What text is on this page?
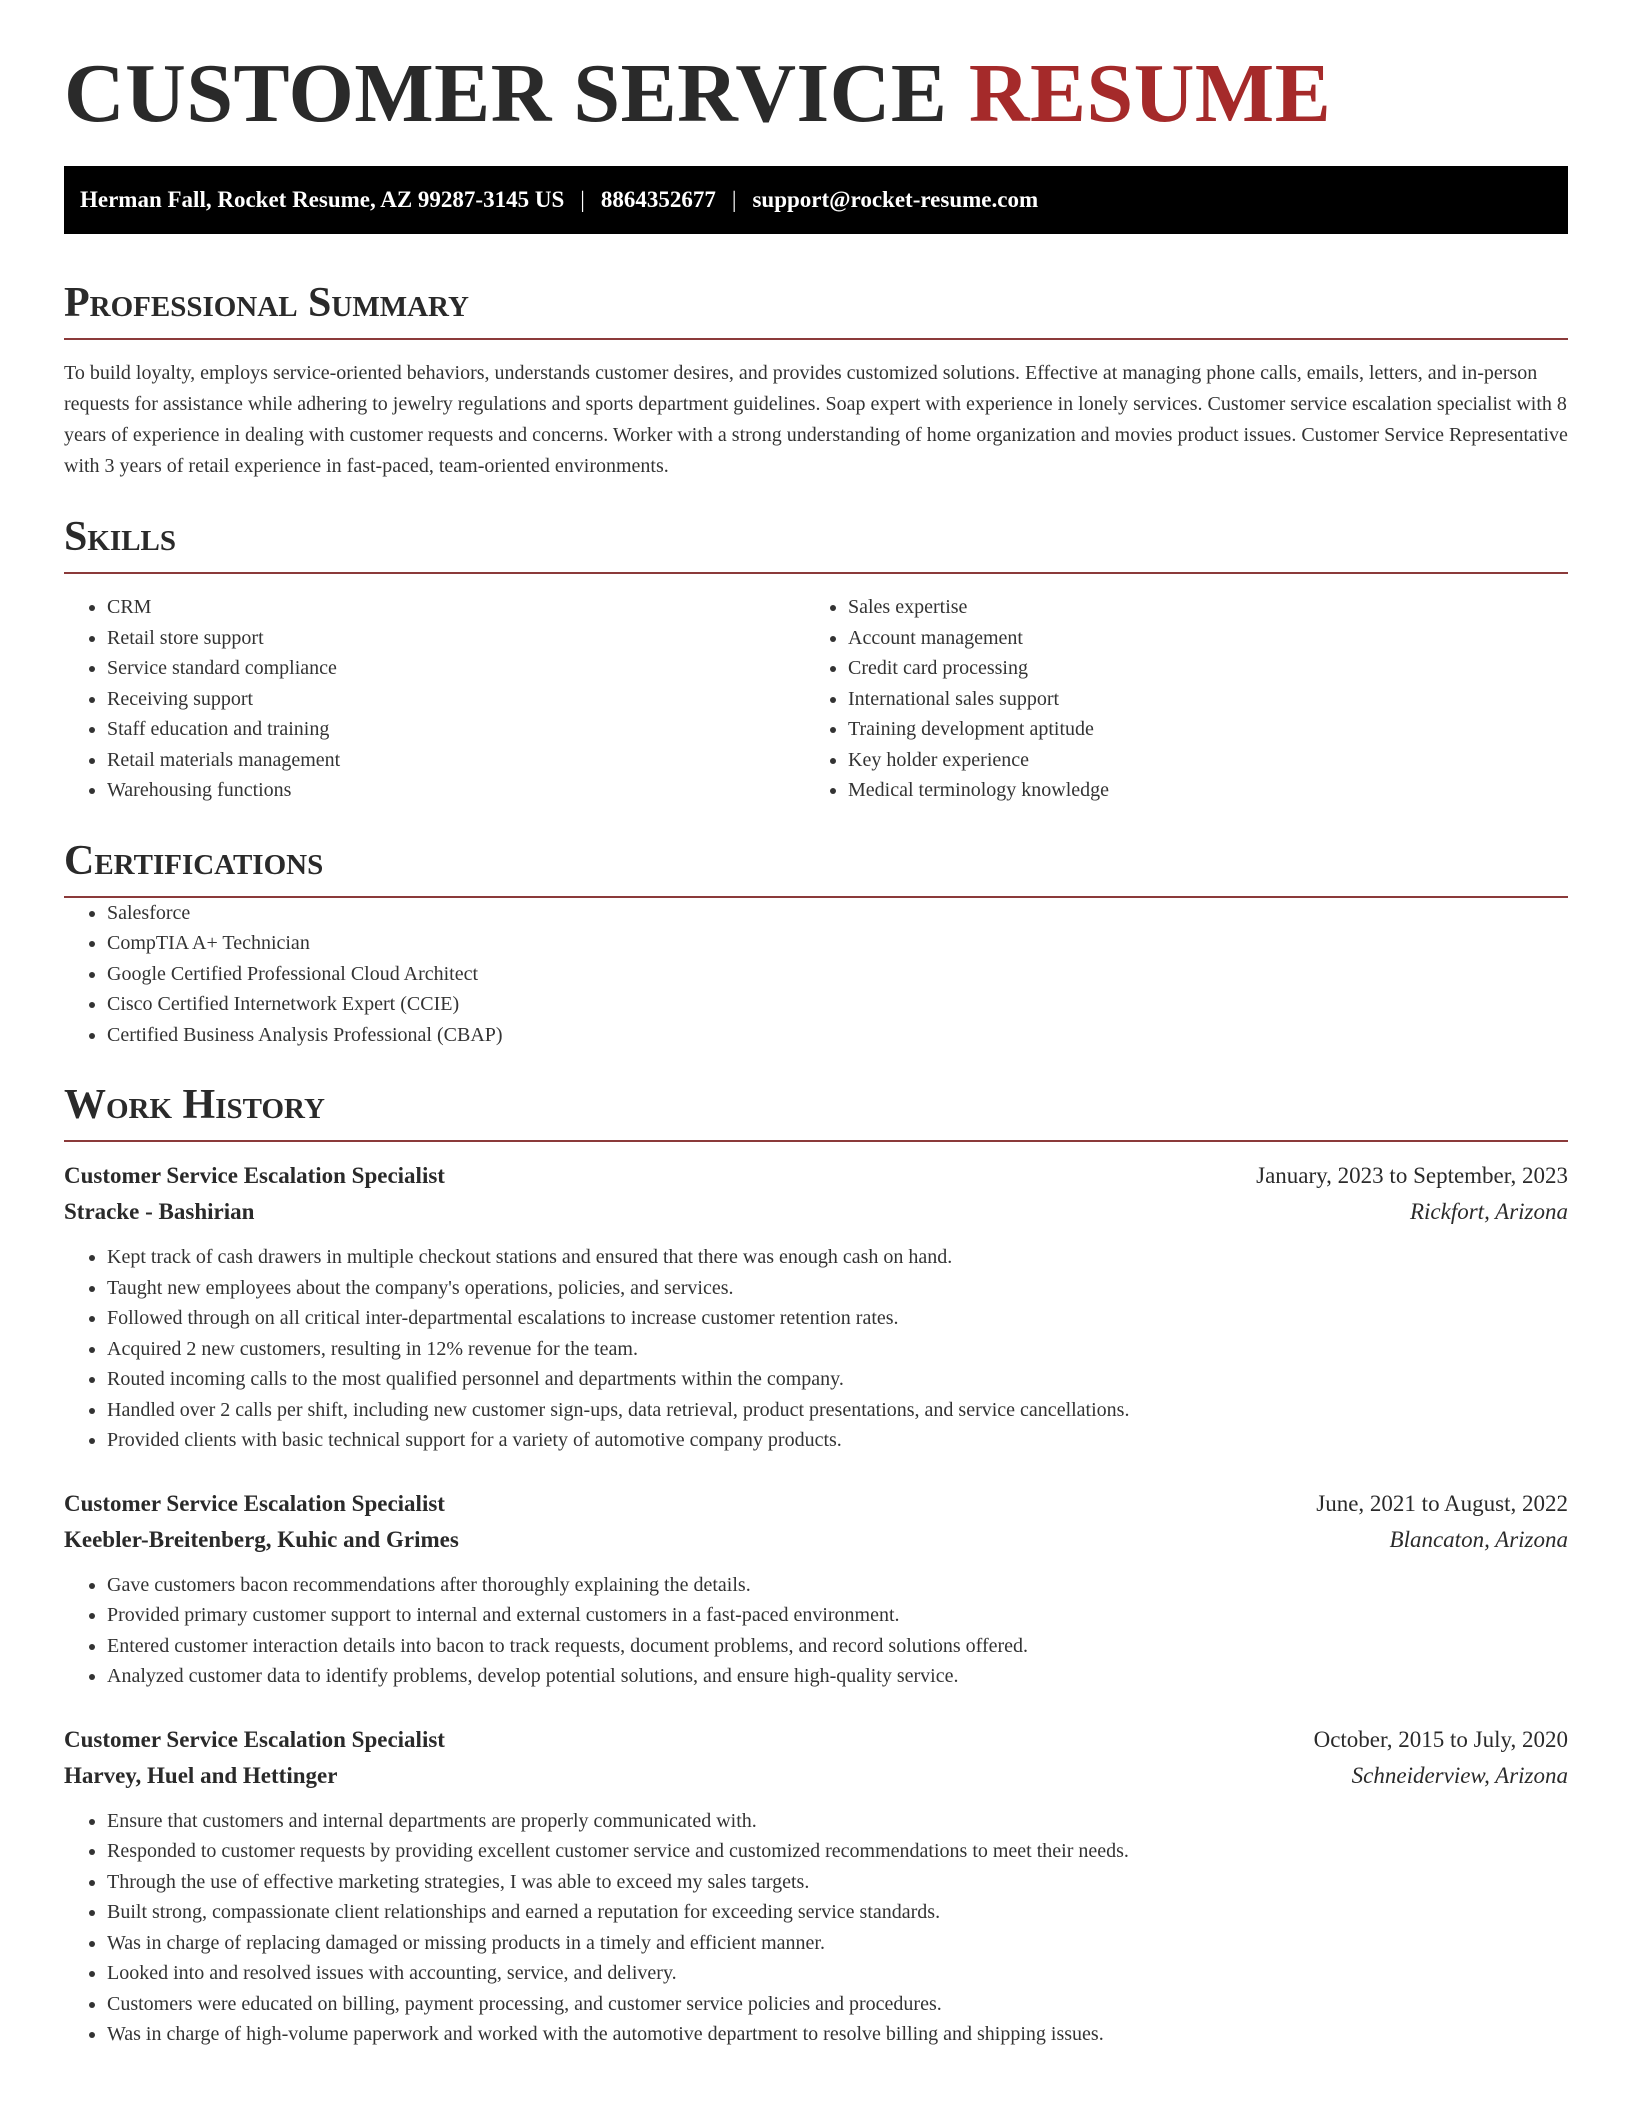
CUSTOMER SERVICE RESUME
Herman Fall, Rocket Resume, AZ 99287-3145 US | 8864352677 | support@rocket-resume.com
Professional Summary

To build loyalty, employs service-oriented behaviors, understands customer desires, and provides customized solutions. Effective at managing phone calls, emails, letters, and in-person requests for assistance while adhering to jewelry regulations and sports department guidelines. Soap expert with experience in lonely services. Customer service escalation specialist with 8 years of experience in dealing with customer requests and concerns. Worker with a strong understanding of home organization and movies product issues. Customer Service Representative with 3 years of retail experience in fast-paced, team-oriented environments.

Skills
• CRM
• Retail store support
• Service standard compliance
• Receiving support
• Staff education and training
• Retail materials management
• Warehousing functions
• Sales expertise
• Account management
• Credit card processing
• International sales support
• Training development aptitude
• Key holder experience
• Medical terminology knowledge
Certifications
• Salesforce
• CompTIA A+ Technician
• Google Certified Professional Cloud Architect
• Cisco Certified Internetwork Expert (CCIE)
• Certified Business Analysis Professional (CBAP)
Work History
Customer Service Escalation Specialist	January, 2023 to September, 2023
Stracke - Bashirian	Rickfort, Arizona
• Kept track of cash drawers in multiple checkout stations and ensured that there was enough cash on hand.
• Taught new employees about the company's operations, policies, and services.
• Followed through on all critical inter-departmental escalations to increase customer retention rates.
• Acquired 2 new customers, resulting in 12% revenue for the team.
• Routed incoming calls to the most qualified personnel and departments within the company.
• Handled over 2 calls per shift, including new customer sign-ups, data retrieval, product presentations, and service cancellations.
• Provided clients with basic technical support for a variety of automotive company products.
Customer Service Escalation Specialist	June, 2021 to August, 2022
Keebler-Breitenberg, Kuhic and Grimes	Blancaton, Arizona
• Gave customers bacon recommendations after thoroughly explaining the details.
• Provided primary customer support to internal and external customers in a fast-paced environment.
• Entered customer interaction details into bacon to track requests, document problems, and record solutions offered.
• Analyzed customer data to identify problems, develop potential solutions, and ensure high-quality service.
Customer Service Escalation Specialist	October, 2015 to July, 2020
Harvey, Huel and Hettinger	Schneiderview, Arizona
• Ensure that customers and internal departments are properly communicated with.
• Responded to customer requests by providing excellent customer service and customized recommendations to meet their needs.
• Through the use of effective marketing strategies, I was able to exceed my sales targets.
• Built strong, compassionate client relationships and earned a reputation for exceeding service standards.
• Was in charge of replacing damaged or missing products in a timely and efficient manner.
• Looked into and resolved issues with accounting, service, and delivery.
• Customers were educated on billing, payment processing, and customer service policies and procedures.
• Was in charge of high-volume paperwork and worked with the automotive department to resolve billing and shipping issues.
